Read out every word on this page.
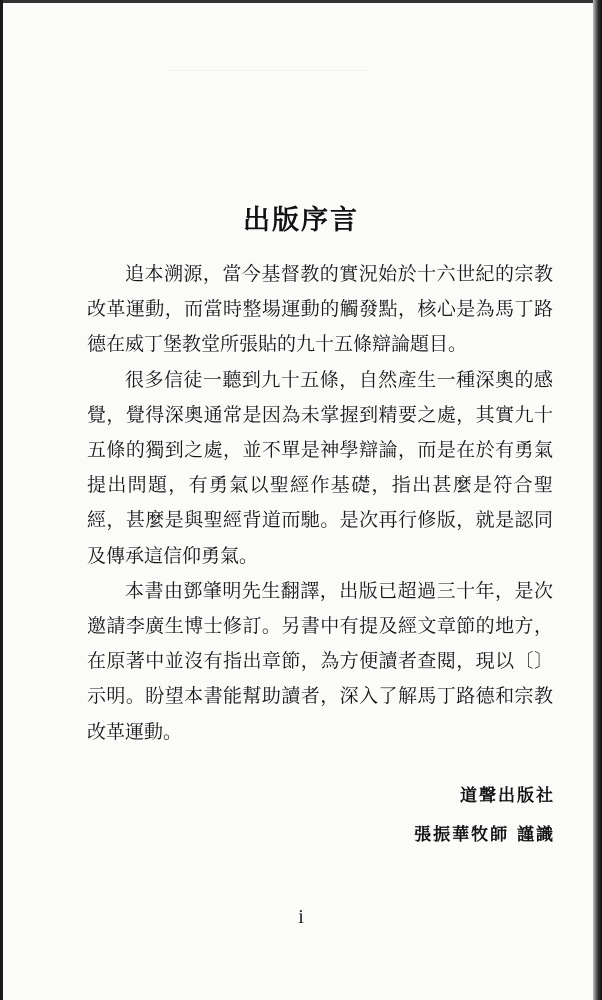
出版序言

追本溯源，當今基督教的實況始於十六世紀的宗教改革運動，而當時整場運動的觸發點，核心是為馬丁路德在威丁堡教堂所張貼的九十五條辯論題目。

很多信徒一聽到九十五條，自然產生一種深奧的感覺，覺得深奧通常是因為未掌握到精要之處，其實九十五條的獨到之處，並不單是神學辯論，而是在於有勇氣提出問題，有勇氣以聖經作基礎，指出甚麼是符合聖經，甚麼是與聖經背道而馳。是次再行修版，就是認同及傳承這信仰勇氣。

本書由鄧肇明先生翻譯，出版已超過三十年，是次邀請李廣生博士修訂。另書中有提及經文章節的地方，在原著中並沒有指出章節，為方便讀者查閱，現以〔〕示明。盼望本書能幫助讀者，深入了解馬丁路德和宗教改革運動。

道聲出版社
張振華牧師 謹識
i
